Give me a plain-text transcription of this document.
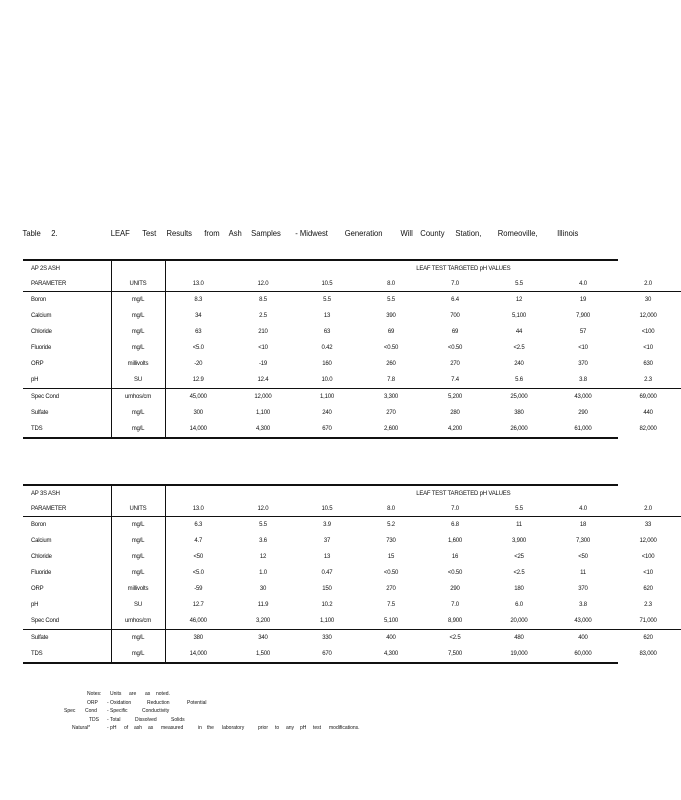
Table 2.	LEAF Test Results from Ash Samples - Midwest Generation Will County Station, Romeoville, Illinois
AP 2S ASH		LEAF TEST TARGETED pH VALUES								
PARAMETER	UNITS	13.0	12.0	10.5	8.0	7.0	5.5	4.0	2.0	
Boron	mg/L	8.3	8.5	5.5	5.5	6.4	12	19	30	
Calcium	mg/L	34	2.5	13	390	700	5,100	7,900	12,000	
Chloride	mg/L	63	210	63	69	69	44	57	<100	
Fluoride	mg/L	<5.0	<10	0.42	<0.50	<0.50	<2.5	<10	<10	
ORP	millivolts	-20	-19	160	260	270	240	370	630	
pH	SU	12.9	12.4	10.0	7.8	7.4	5.6	3.8	2.3	
Spec Cond	umhos/cm	45,000	12,000	1,100	3,300	5,200	25,000	43,000	69,000	
Sulfate	mg/L	300	1,100	240	270	280	380	290	440	
TDS	mg/L	14,000	4,300	670	2,600	4,200	26,000	61,000	82,000	
AP 3S ASH		LEAF TEST TARGETED pH VALUES								
PARAMETER	UNITS	13.0	12.0	10.5	8.0	7.0	5.5	4.0	2.0	
Boron	mg/L	6.3	5.5	3.9	5.2	6.8	11	18	33	
Calcium	mg/L	4.7	3.6	37	730	1,600	3,900	7,300	12,000	
Chloride	mg/L	<50	12	13	15	16	<25	<50	<100	
Fluoride	mg/L	<5.0	1.0	0.47	<0.50	<0.50	<2.5	11	<10	
ORP	millivolts	-59	30	150	270	290	180	370	620	
pH	SU	12.7	11.9	10.2	7.5	7.0	6.0	3.8	2.3	
Spec Cond	umhos/cm	46,000	3,200	1,100	5,100	8,900	20,000	43,000	71,000	
Sulfate	mg/L	380	340	330	400	<2.5	480	400	620	
TDS	mg/L	14,000	1,500	670	4,300	7,500	19,000	60,000	83,000	
Notes: Units are as noted.
ORP - Oxidation	Reduction	Potential
Spec Cond - Specific	Conductivity
TDS - Total	Dissolved	Solids
Natural*	- pH of ash as measured	in the laboratory	prior to any pH test modifications.
